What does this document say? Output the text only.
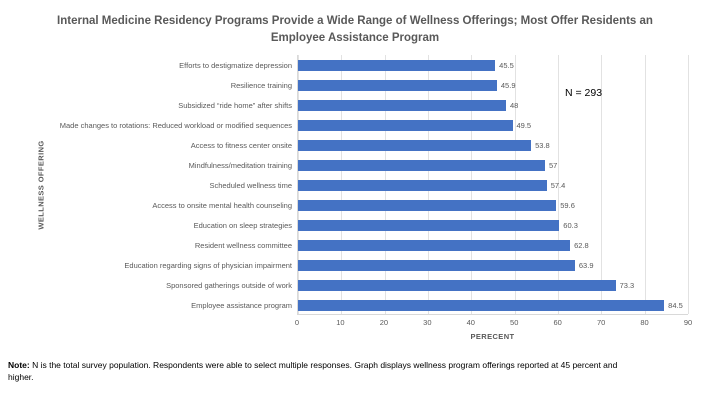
Internal Medicine Residency Programs Provide a Wide Range of Wellness Offerings; Most Offer Residents an Employee Assistance Program
WELLNESS OFFERING
Efforts to destigmatize depression
Resilience training
Subsidized “ride home” after shifts
Made changes to rotations: Reduced workload or modified sequences
Access to fitness center onsite
Mindfulness/meditation training
Scheduled wellness time
Access to onsite mental health counseling
Education on sleep strategies
Resident wellness committee
Education regarding signs of physician impairment
Sponsored gatherings outside of work
Employee assistance program
45.5
45.9
48
49.5
53.8
57
57.4
59.6
60.3
62.8
63.9
73.3
84.5
N = 293
0	10	20	30	40	50	60	70	80	90
PERECENT
Note: N is the total survey population. Respondents were able to select multiple responses. Graph displays wellness program offerings reported at 45 percent and higher.
